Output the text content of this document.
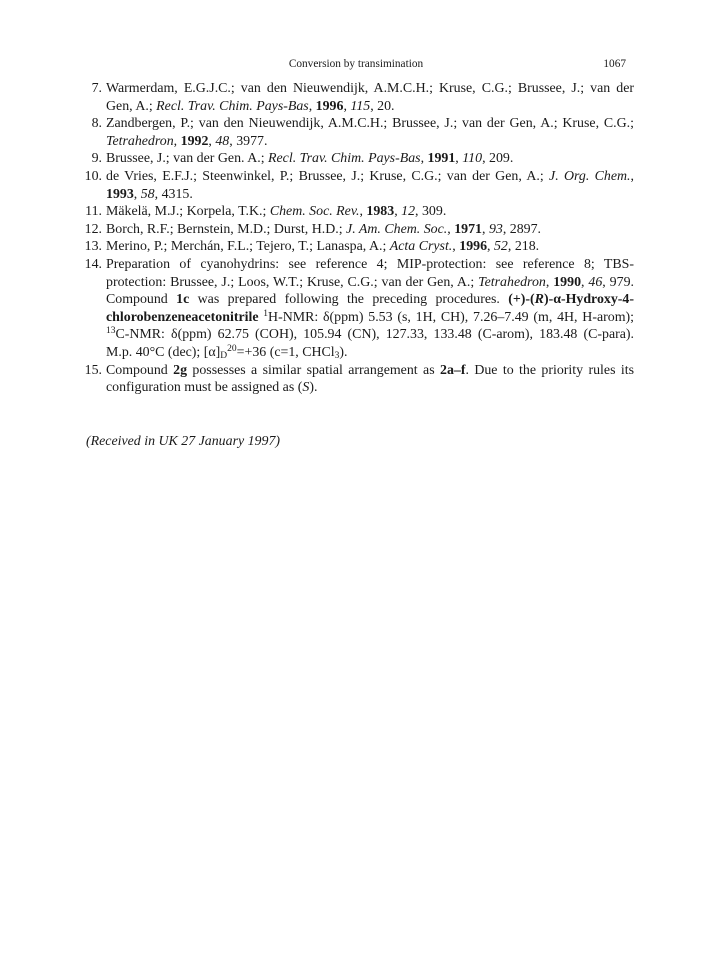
Conversion by transimination	1067
7. Warmerdam, E.G.J.C.; van den Nieuwendijk, A.M.C.H.; Kruse, C.G.; Brussee, J.; van der Gen, A.; Recl. Trav. Chim. Pays-Bas, 1996, 115, 20.
8. Zandbergen, P.; van den Nieuwendijk, A.M.C.H.; Brussee, J.; van der Gen, A.; Kruse, C.G.; Tetrahedron, 1992, 48, 3977.
9. Brussee, J.; van der Gen. A.; Recl. Trav. Chim. Pays-Bas, 1991, 110, 209.
10. de Vries, E.F.J.; Steenwinkel, P.; Brussee, J.; Kruse, C.G.; van der Gen, A.; J. Org. Chem., 1993, 58, 4315.
11. Mäkelä, M.J.; Korpela, T.K.; Chem. Soc. Rev., 1983, 12, 309.
12. Borch, R.F.; Bernstein, M.D.; Durst, H.D.; J. Am. Chem. Soc., 1971, 93, 2897.
13. Merino, P.; Merchán, F.L.; Tejero, T.; Lanaspa, A.; Acta Cryst., 1996, 52, 218.
14. Preparation of cyanohydrins: see reference 4; MIP-protection: see reference 8; TBS-protection: Brussee, J.; Loos, W.T.; Kruse, C.G.; van der Gen, A.; Tetrahedron, 1990, 46, 979. Compound 1c was prepared following the preceding procedures. (+)-(R)-α-Hydroxy-4-chlorobenzeneacetonitrile $^1$H-NMR: δ(ppm) 5.53 (s, 1H, CH), 7.26–7.49 (m, 4H, H-arom); $^{13}$C-NMR: δ(ppm) 62.75 (COH), 105.94 (CN), 127.33, 133.48 (C-arom), 183.48 (C-para). M.p. 40°C (dec); $[\alpha]_D^{20}=+36$ (c=1, CHCl$_3$).
15. Compound 2g possesses a similar spatial arrangement as 2a–f. Due to the priority rules its configuration must be assigned as (S).
(Received in UK 27 January 1997)
